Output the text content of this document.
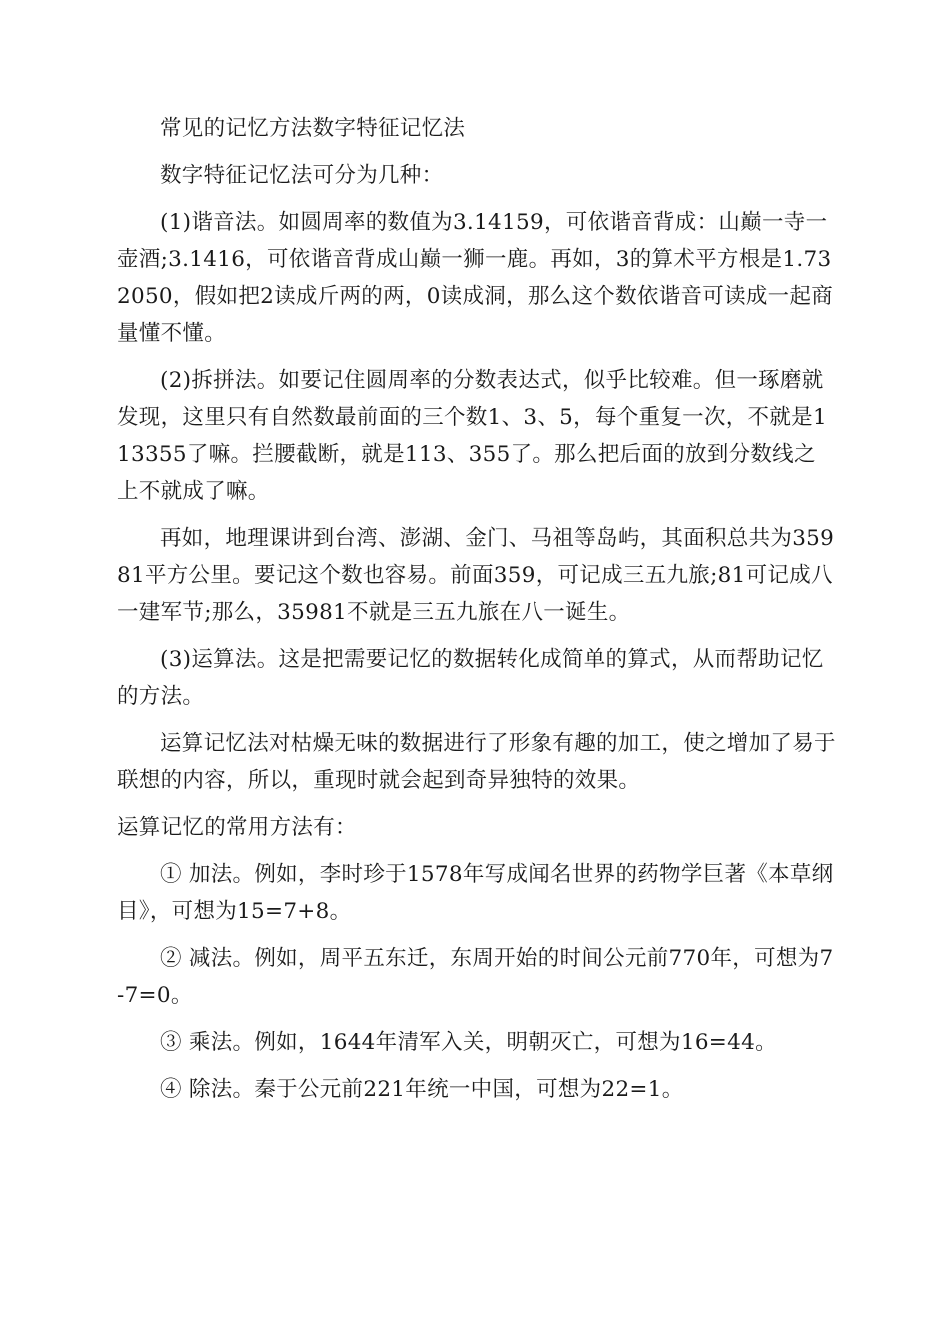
常见的记忆方法数字特征记忆法

数字特征记忆法可分为几种：

(1)谐音法。如圆周率的数值为3.14159，可依谐音背成：山巅一寺一壶酒;3.1416，可依谐音背成山巅一狮一鹿。再如，3的算术平方根是1.732050，假如把2读成斤两的两，0读成洞，那么这个数依谐音可读成一起商量懂不懂。

(2)拆拼法。如要记住圆周率的分数表达式，似乎比较难。但一琢磨就发现，这里只有自然数最前面的三个数1、3、5，每个重复一次，不就是113355了嘛。拦腰截断，就是113、355了。那么把后面的放到分数线之上不就成了嘛。

再如，地理课讲到台湾、澎湖、金门、马祖等岛屿，其面积总共为35981平方公里。要记这个数也容易。前面359，可记成三五九旅;81可记成八一建军节;那么，35981不就是三五九旅在八一诞生。

(3)运算法。这是把需要记忆的数据转化成简单的算式，从而帮助记忆的方法。

运算记忆法对枯燥无味的数据进行了形象有趣的加工，使之增加了易于联想的内容，所以，重现时就会起到奇异独特的效果。

运算记忆的常用方法有：

① 加法。例如，李时珍于1578年写成闻名世界的药物学巨著《本草纲目》，可想为15=7+8。

② 减法。例如，周平五东迁，东周开始的时间公元前770年，可想为7-7=0。

③ 乘法。例如，1644年清军入关，明朝灭亡，可想为16=44。

④ 除法。秦于公元前221年统一中国，可想为22=1。
